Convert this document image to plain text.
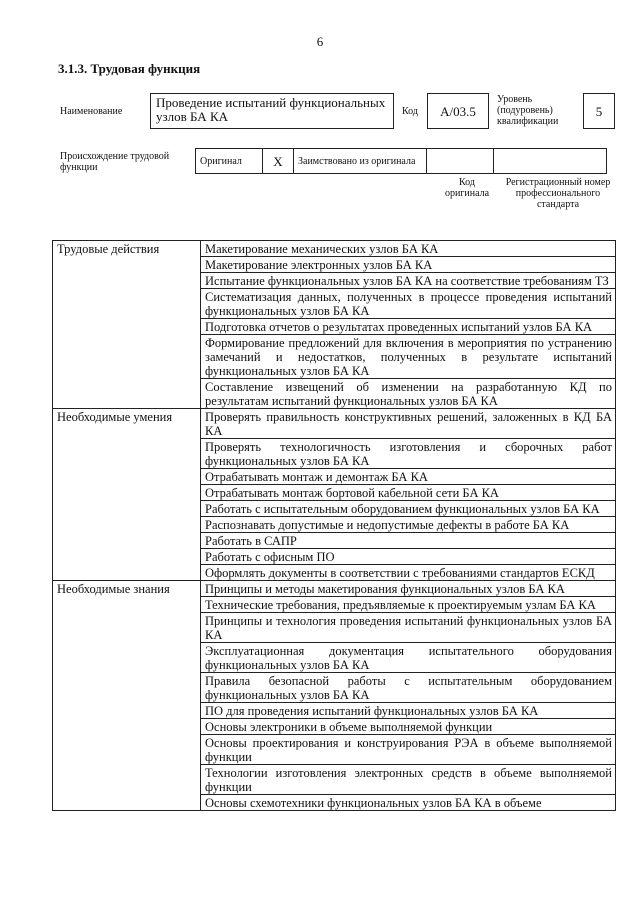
6
3.1.3. Трудовая функция
Наименование
Проведение испытаний функциональных узлов БА КА	Код	А/03.5
Уровень (подуровень) квалификации
5
Происхождение трудовой функции
Оригинал	X	Заимствовано из оригинала		
Код оригинала
Регистрационный номер профессионального стандарта
Трудовые действия	Макетирование механических узлов БА КА
	Макетирование электронных узлов БА КА
	Испытание функциональных узлов БА КА на соответствие требованиям ТЗ
	Систематизация данных, полученных в процессе проведения испытаний функциональных узлов БА КА
	Подготовка отчетов о результатах проведенных испытаний узлов БА КА
	Формирование предложений для включения в мероприятия по устранению замечаний и недостатков, полученных в результате испытаний функциональных узлов БА КА
	Составление извещений об изменении на разработанную КД по результатам испытаний функциональных узлов БА КА
Необходимые умения	Проверять правильность конструктивных решений, заложенных в КД БА КА
	Проверять технологичность изготовления и сборочных работ функциональных узлов БА КА
	Отрабатывать монтаж и демонтаж БА КА
	Отрабатывать монтаж бортовой кабельной сети БА КА
	Работать с испытательным оборудованием функциональных узлов БА КА
	Распознавать допустимые и недопустимые дефекты в работе БА КА
	Работать в САПР
	Работать с офисным ПО
	Оформлять документы в соответствии с требованиями стандартов ЕСКД
Необходимые знания	Принципы и методы макетирования функциональных узлов БА КА
	Технические требования, предъявляемые к проектируемым узлам БА КА
	Принципы и технология проведения испытаний функциональных узлов БА КА
	Эксплуатационная документация испытательного оборудования функциональных узлов БА КА
	Правила безопасной работы с испытательным оборудованием функциональных узлов БА КА
	ПО для проведения испытаний функциональных узлов БА КА
	Основы электроники в объеме выполняемой функции
	Основы проектирования и конструирования РЭА в объеме выполняемой функции
	Технологии изготовления электронных средств в объеме выполняемой функции
	Основы схемотехники функциональных узлов БА КА в объеме
